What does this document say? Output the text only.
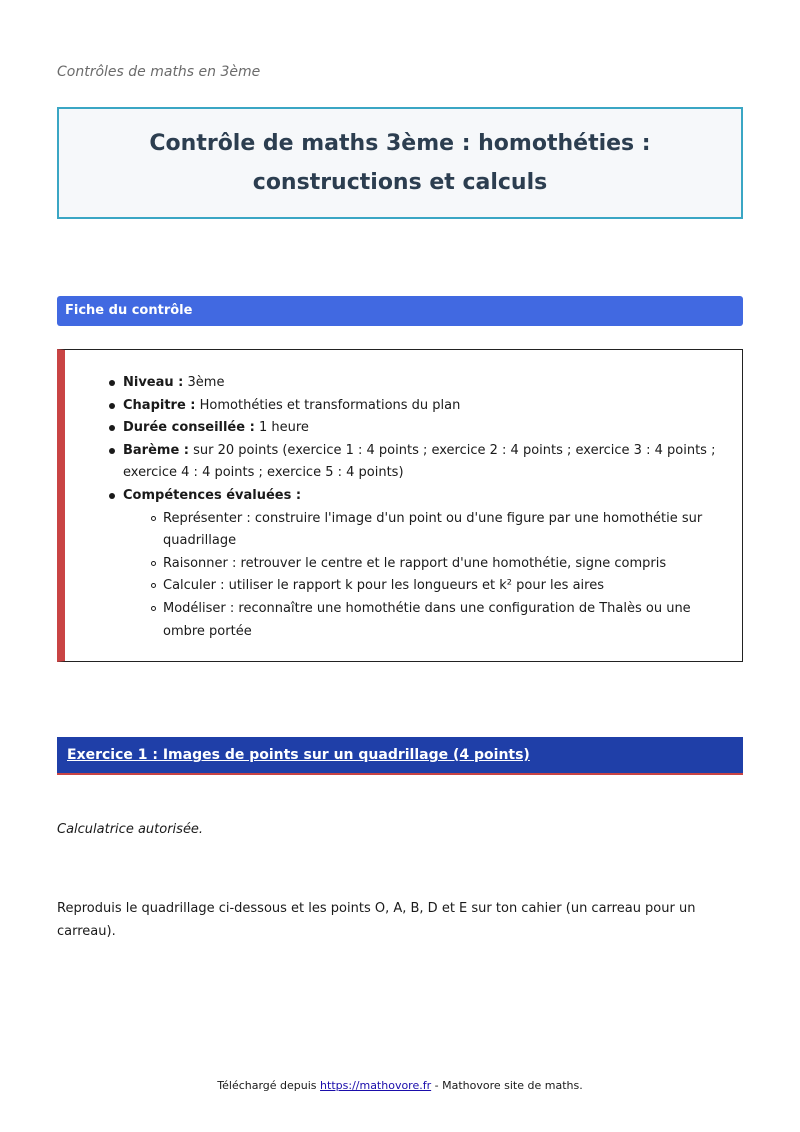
Contrôles de maths en 3ème
Contrôle de maths 3ème : homothéties : constructions et calculs
Fiche du contrôle
Niveau : 3ème
Chapitre : Homothéties et transformations du plan
Durée conseillée : 1 heure
Barème : sur 20 points (exercice 1 : 4 points ; exercice 2 : 4 points ; exercice 3 : 4 points ; exercice 4 : 4 points ; exercice 5 : 4 points)
Compétences évaluées :
Représenter : construire l'image d'un point ou d'une figure par une homothétie sur quadrillage
Raisonner : retrouver le centre et le rapport d'une homothétie, signe compris
Calculer : utiliser le rapport k pour les longueurs et k² pour les aires
Modéliser : reconnaître une homothétie dans une configuration de Thalès ou une ombre portée
Exercice 1 : Images de points sur un quadrillage (4 points)
Calculatrice autorisée.
Reproduis le quadrillage ci-dessous et les points O, A, B, D et E sur ton cahier (un carreau pour un carreau).
Téléchargé depuis https://mathovore.fr - Mathovore site de maths.
